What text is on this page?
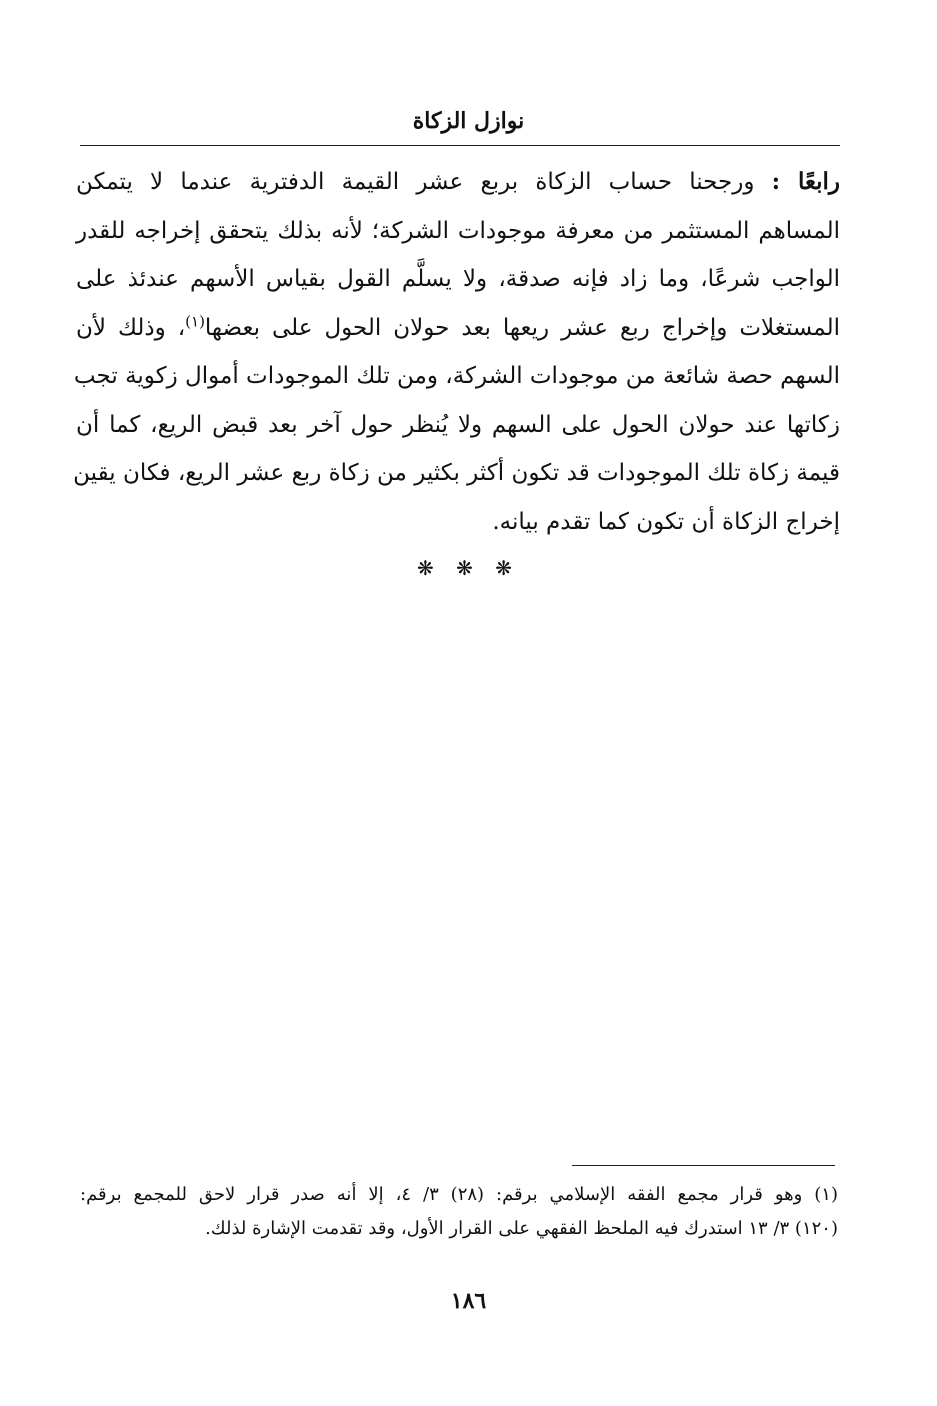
نوازل الزكاة

رابعًا : ورجحنا حساب الزكاة بربع عشر القيمة الدفترية عندما لا يتمكن
المساهم المستثمر من معرفة موجودات الشركة؛ لأنه بذلك يتحقق إخراجه للقدر
الواجب شرعًا، وما زاد فإنه صدقة، ولا يسلَّم القول بقياس الأسهم عندئذ على
المستغلات وإخراج ربع عشر ريعها بعد حولان الحول على بعضها$^{(١)}$، وذلك لأن
السهم حصة شائعة من موجودات الشركة، ومن تلك الموجودات أموال زكوية تجب
زكاتها عند حولان الحول على السهم ولا يُنظر حول آخر بعد قبض الريع، كما أن
قيمة زكاة تلك الموجودات قد تكون أكثر بكثير من زكاة ربع عشر الريع، فكان يقين
إخراج الزكاة أن تكون كما تقدم بيانه.

❋ ❋ ❋
(١) وهو قرار مجمع الفقه الإسلامي برقم: (٢٨) ٣/ ٤، إلا أنه صدر قرار لاحق للمجمع برقم:
(١٢٠) ٣/ ١٣ استدرك فيه الملحظ الفقهي على القرار الأول، وقد تقدمت الإشارة لذلك.
١٨٦
